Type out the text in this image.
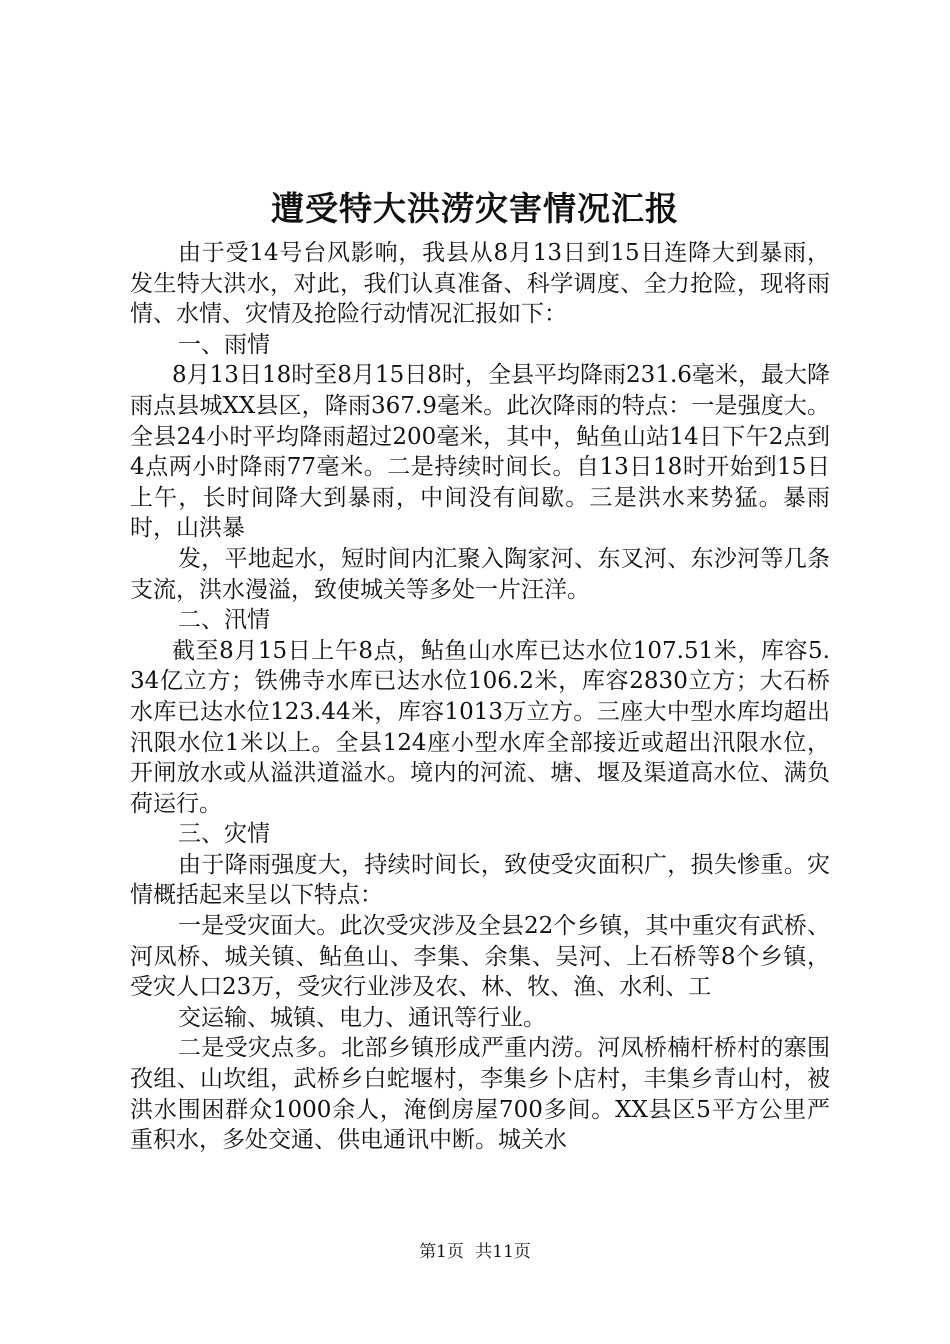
遭受特大洪涝灾害情况汇报

由于受14号台风影响，我县从8月13日到15日连降大到暴雨，发生特大洪水，对此，我们认真准备、科学调度、全力抢险，现将雨情、水情、灾情及抢险行动情况汇报如下：

一、雨情

8月13日18时至8月15日8时，全县平均降雨231.6毫米，最大降雨点县城XX县区，降雨367.9毫米。此次降雨的特点：一是强度大。全县24小时平均降雨超过200毫米，其中，鲇鱼山站14日下午2点到4点两小时降雨77毫米。二是持续时间长。自13日18时开始到15日上午，长时间降大到暴雨，中间没有间歇。三是洪水来势猛。暴雨时，山洪暴

发，平地起水，短时间内汇聚入陶家河、东叉河、东沙河等几条支流，洪水漫溢，致使城关等多处一片汪洋。

二、汛情

截至8月15日上午8点，鲇鱼山水库已达水位107.51米，库容5.34亿立方；铁佛寺水库已达水位106.2米，库容2830立方；大石桥水库已达水位123.44米，库容1013万立方。三座大中型水库均超出汛限水位1米以上。全县124座小型水库全部接近或超出汛限水位，开闸放水或从溢洪道溢水。境内的河流、塘、堰及渠道高水位、满负荷运行。

三、灾情

由于降雨强度大，持续时间长，致使受灾面积广，损失惨重。灾情概括起来呈以下特点：

一是受灾面大。此次受灾涉及全县22个乡镇，其中重灾有武桥、河凤桥、城关镇、鲇鱼山、李集、余集、吴河、上石桥等8个乡镇，受灾人口23万，受灾行业涉及农、林、牧、渔、水利、工

交运输、城镇、电力、通讯等行业。

二是受灾点多。北部乡镇形成严重内涝。河凤桥楠杆桥村的寨围孜组、山坎组，武桥乡白蛇堰村，李集乡卜店村，丰集乡青山村，被洪水围困群众1000余人，淹倒房屋700多间。XX县区5平方公里严重积水，多处交通、供电通讯中断。城关水

第1页 共11页
